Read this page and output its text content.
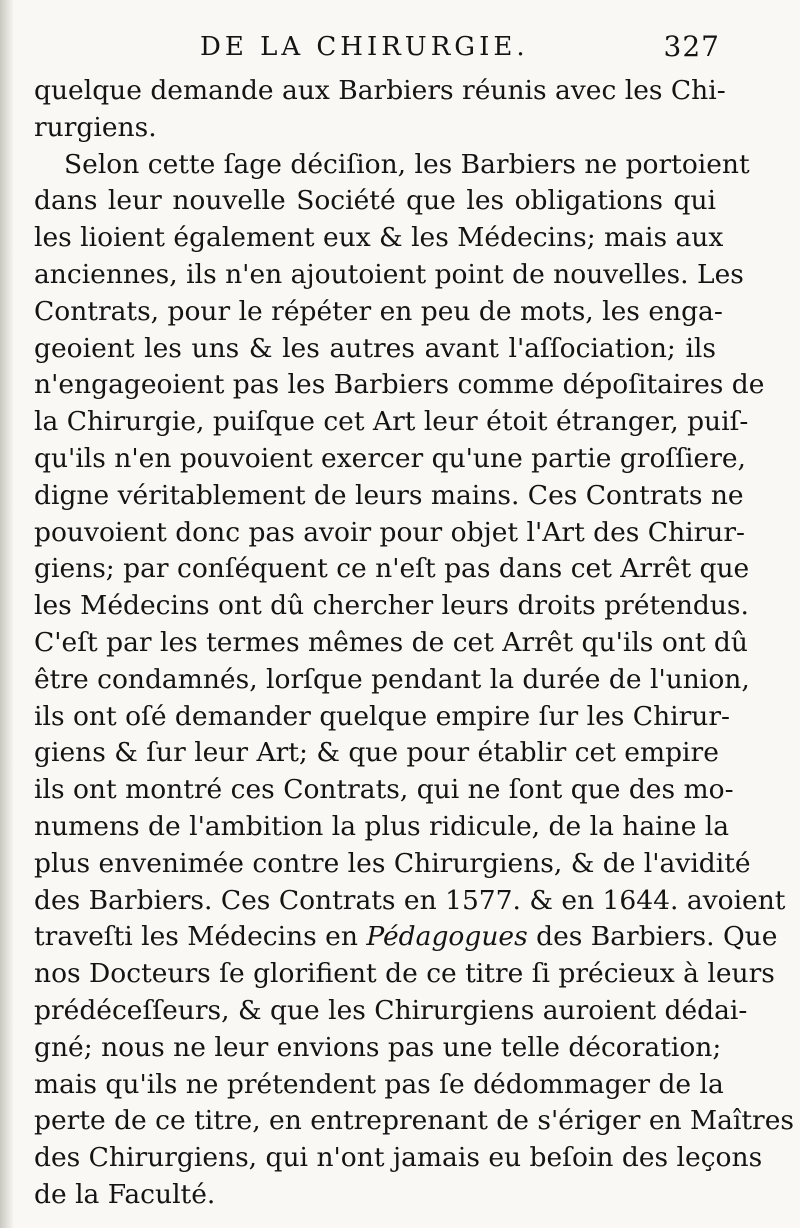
DE LA CHIRURGIE.	327
quelque demande aux Barbiers réunis avec les Chi-
rurgiens.
Selon cette ſage déciſion, les Barbiers ne portoient
dans leur nouvelle Société que les obligations qui
les lioient également eux & les Médecins; mais aux
anciennes, ils n'en ajoutoient point de nouvelles. Les
Contrats, pour le répéter en peu de mots, les enga-
geoient les uns & les autres avant l'aſſociation; ils
n'engageoient pas les Barbiers comme dépoſitaires de
la Chirurgie, puiſque cet Art leur étoit étranger, puiſ-
qu'ils n'en pouvoient exercer qu'une partie groſſiere,
digne véritablement de leurs mains. Ces Contrats ne
pouvoient donc pas avoir pour objet l'Art des Chirur-
giens; par conſéquent ce n'eſt pas dans cet Arrêt que
les Médecins ont dû chercher leurs droits prétendus.
C'eſt par les termes mêmes de cet Arrêt qu'ils ont dû
être condamnés, lorſque pendant la durée de l'union,
ils ont oſé demander quelque empire ſur les Chirur-
giens & ſur leur Art; & que pour établir cet empire
ils ont montré ces Contrats, qui ne ſont que des mo-
numens de l'ambition la plus ridicule, de la haine la
plus envenimée contre les Chirurgiens, & de l'avidité
des Barbiers. Ces Contrats en 1577. & en 1644. avoient
traveſti les Médecins en Pédagogues des Barbiers. Que
nos Docteurs ſe glorifient de ce titre ſi précieux à leurs
prédéceſſeurs, & que les Chirurgiens auroient dédai-
gné; nous ne leur envions pas une telle décoration;
mais qu'ils ne prétendent pas ſe dédommager de la
perte de ce titre, en entreprenant de s'ériger en Maîtres
des Chirurgiens, qui n'ont jamais eu beſoin des leçons
de la Faculté.
